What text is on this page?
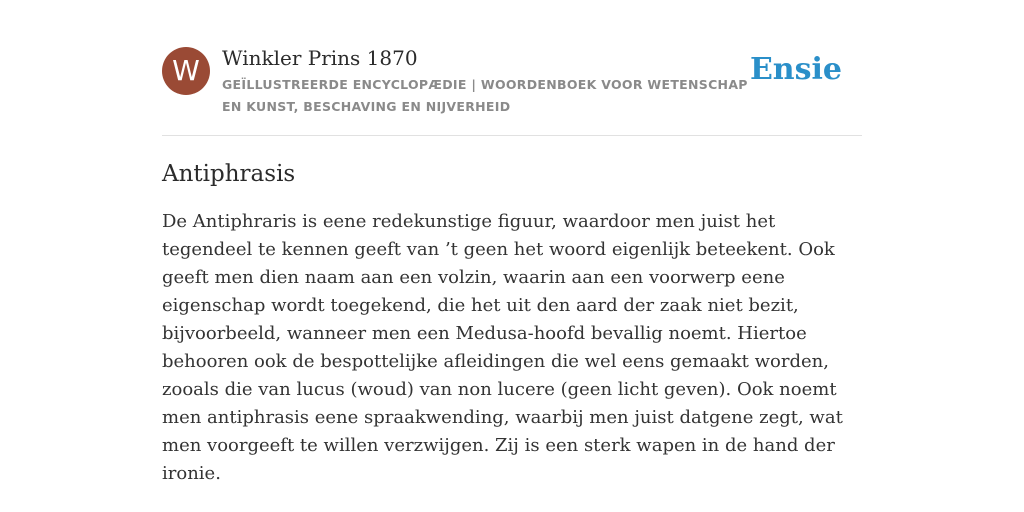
W	Winkler Prins 1870
GEÏLLUSTREERDE ENCYCLOPÆDIE | WOORDENBOEK VOOR WETENSCHAP EN KUNST, BESCHAVING EN NIJVERHEID
Ensie
Antiphrasis

De Antiphraris is eene redekunstige figuur, waardoor men juist het tegendeel te kennen geeft van ’t geen het woord eigenlijk beteekent. Ook geeft men dien naam aan een volzin, waarin aan een voorwerp eene eigenschap wordt toegekend, die het uit den aard der zaak niet bezit, bijvoorbeeld, wanneer men een Medusa-hoofd bevallig noemt. Hiertoe behooren ook de bespottelijke afleidingen die wel eens gemaakt worden, zooals die van lucus (woud) van non lucere (geen licht geven). Ook noemt men antiphrasis eene spraakwending, waarbij men juist datgene zegt, wat men voorgeeft te willen verzwijgen. Zij is een sterk wapen in de hand der ironie.
